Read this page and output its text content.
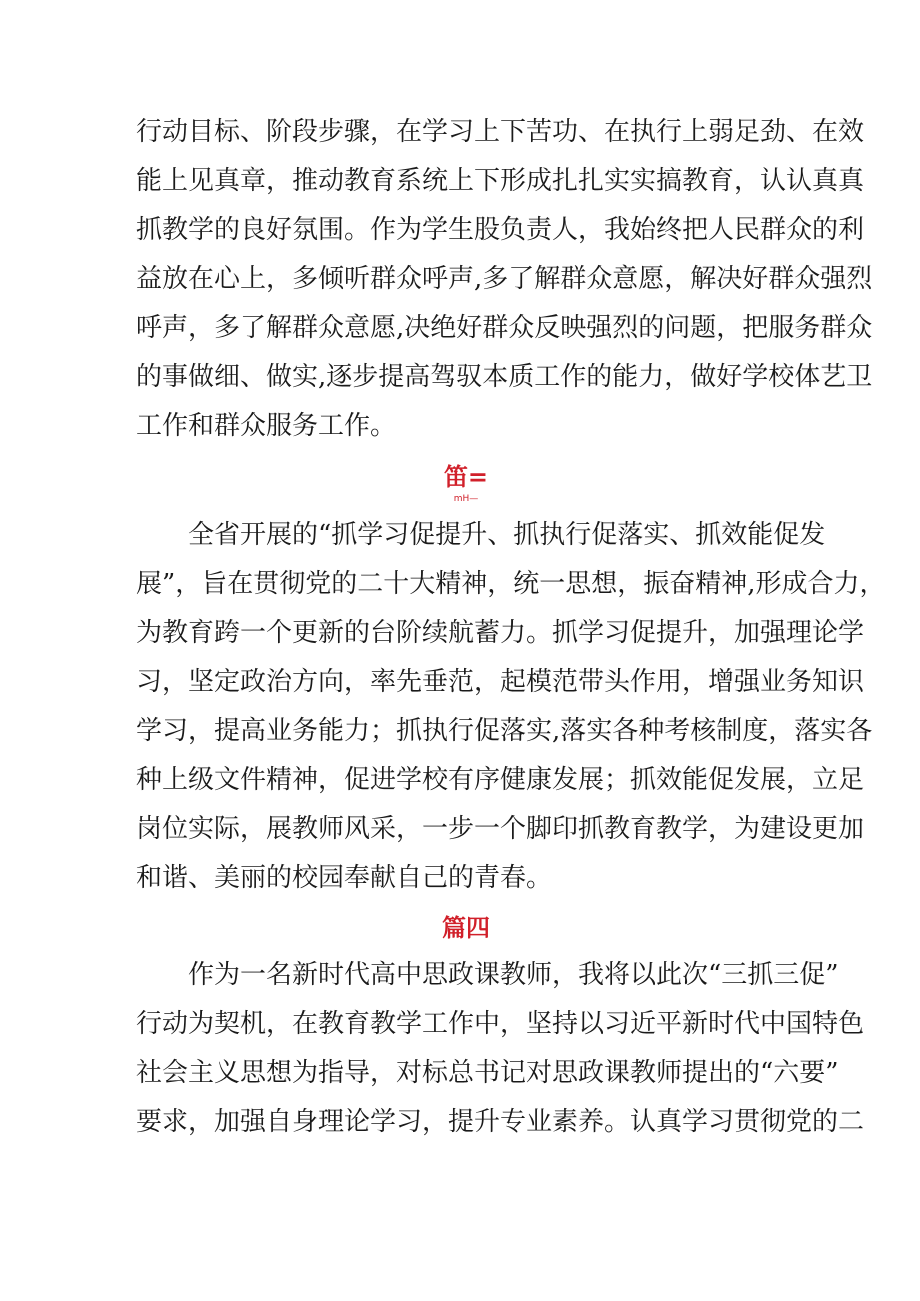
行动目标、阶段步骤，在学习上下苦功、在执行上弱足劲、在效
能上见真章，推动教育系统上下形成扎扎实实搞教育，认认真真
抓教学的良好氛围。作为学生股负责人，我始终把人民群众的利
益放在心上，多倾听群众呼声,多了解群众意愿，解决好群众强烈
呼声，多了解群众意愿,决绝好群众反映强烈的问题，把服务群众
的事做细、做实,逐步提高驾驭本质工作的能力，做好学校体艺卫
工作和群众服务工作。
笛=
mH—
全省开展的“抓学习促提升、抓执行促落实、抓效能促发
展”，旨在贯彻党的二十大精神，统一思想，振奋精神,形成合力，
为教育跨一个更新的台阶续航蓄力。抓学习促提升，加强理论学
习，坚定政治方向，率先垂范，起模范带头作用，增强业务知识
学习，提高业务能力；抓执行促落实,落实各种考核制度，落实各
种上级文件精神，促进学校有序健康发展；抓效能促发展，立足
岗位实际，展教师风采，一步一个脚印抓教育教学，为建设更加
和谐、美丽的校园奉献自己的青春。
篇四
作为一名新时代高中思政课教师，我将以此次“三抓三促”
行动为契机，在教育教学工作中，坚持以习近平新时代中国特色
社会主义思想为指导，对标总书记对思政课教师提出的“六要”
要求，加强自身理论学习，提升专业素养。认真学习贯彻党的二
